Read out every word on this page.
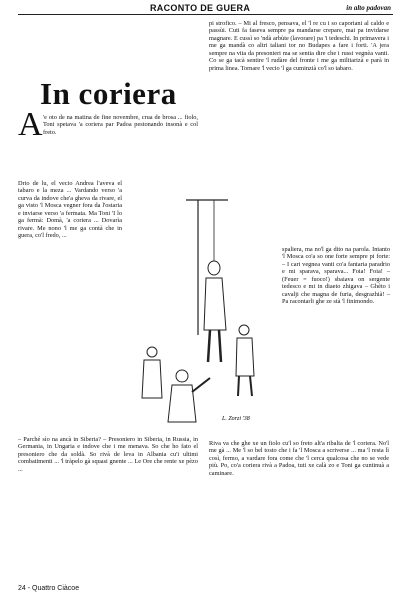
RACONTO DE GUERA	in alto padovan
In coriera
A 'e oto de na matina de fine novembre, crua de brosa ... fiolo, Toni spetava 'a coriera par Padoa pestonando insonà e col freto.

Drio de lu, el vecio Andrea l'aveva el tabaro e la meza ... Vardando verso 'a curva da indove che'a gheva da rivare, el ga visto 'l Mosca vegner fora da l'ostaria e inviarse verso 'a fermata. Ma Toni 'I lo ga fermà: Domà, 'a coriera ... Dovarìa rivare. Me nono 'l me ga contà che in guera, co'l fredo, ...

– Parché sìo na ancà in Siberia? – Presoniero in Siberia, in Russia, in Germania, in Ungaria e indove che i me menava. So che ho fato el presoniero che da soldà. So rivà de leva in Albania cu'i ultimi combatimenti ... 'l tràpelo gà squasi gnente ... Le Ore che rente xe pèzo ...

pi strofico. – Mi al fresco, pensava, el 'l re cu i so caporiani al caldo e passùi. Cuti fa faseva sempre pa mandarse crepare, mai pa invidarse magnare. E cussì so 'ndà arbùte (lavorare) pa 'i tedeschi. In primavera i me ga mandà co altri taliani tor no Budapes a fare i forti. 'A jera sempre na vita da presonieri ma se sentia dire che i russi vegnèa vanti. Co se ga tacà sentire 'l rudàre del fronte i me ga militarizà e parà in prima linea. Tornare 'l vecio 'l ga cuminzià co'l so tabaro.

spaliera, ma no'l ga dito na parola. Intanto 'l Mosca co'a so one forte sempre pi forte: – I cari vegnea vanti co'a fantaria paradrio e mi sparava, sparava... Foia! Foia! – (Feuer = fuoco!) sbaiava on sergente tedesco e mi in diaeto zhigava – Ghèto i cavalji che magna de furia, desgrazhià! – Pa racontarli ghe ze stà 'l finimondo.

Riva va che ghe xe un fiolo cu'l so freto alt'a ribalta de 'l coriera. No'l me gà ... Me 'l so bel tosto che i fa 'l Mosca a scriverse ... ma 'l resta lì così, fermo, a vardare fora come che 'l cerca qualcosa che no se vede più. Po, co'a coriera rivà a Padoa, tuti xe calà zo e Toni ga cuntinuà a caminare.

L. Zorzi '38
24 - Quattro Ciàcoe
